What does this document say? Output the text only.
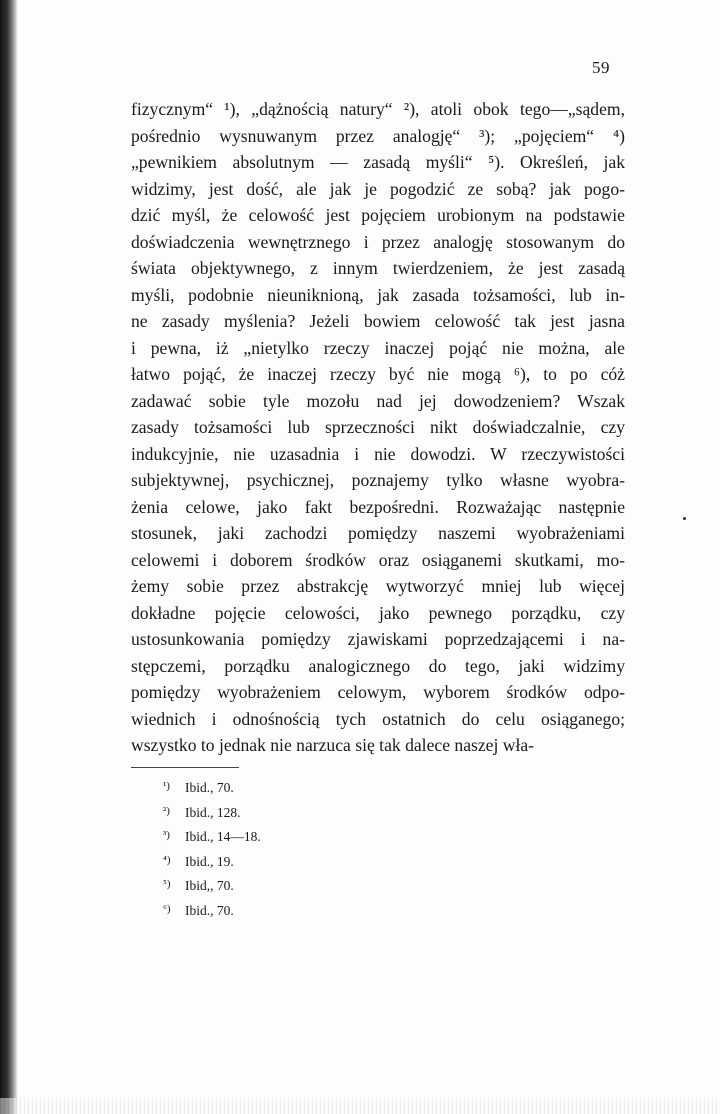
59
fizycznym“ ¹), „dążnością natury“ ²), atoli obok tego—„sądem,
pośrednio wysnuwanym przez analogję“ ³); „pojęciem“ ⁴)
„pewnikiem absolutnym — zasadą myśli“ ⁵). Określeń, jak
widzimy, jest dość, ale jak je pogodzić ze sobą? jak pogo-
dzić myśl, że celowość jest pojęciem urobionym na podstawie
doświadczenia wewnętrznego i przez analogję stosowanym do
świata objektywnego, z innym twierdzeniem, że jest zasadą
myśli, podobnie nieuniknioną, jak zasada tożsamości, lub in-
ne zasady myślenia? Jeżeli bowiem celowość tak jest jasna
i pewna, iż „nietylko rzeczy inaczej pojąć nie można, ale
łatwo pojąć, że inaczej rzeczy być nie mogą ⁶), to po cóż
zadawać sobie tyle mozołu nad jej dowodzeniem? Wszak
zasady tożsamości lub sprzeczności nikt doświadczalnie, czy
indukcyjnie, nie uzasadnia i nie dowodzi. W rzeczywistości
subjektywnej, psychicznej, poznajemy tylko własne wyobra-
żenia celowe, jako fakt bezpośredni. Rozważając następnie
stosunek, jaki zachodzi pomiędzy naszemi wyobrażeniami
celowemi i doborem środków oraz osiąganemi skutkami, mo-
żemy sobie przez abstrakcję wytworzyć mniej lub więcej
dokładne pojęcie celowości, jako pewnego porządku, czy
ustosunkowania pomiędzy zjawiskami poprzedzającemi i na-
stępczemi, porządku analogicznego do tego, jaki widzimy
pomiędzy wyobrażeniem celowym, wyborem środków odpo-
wiednich i odnośnością tych ostatnich do celu osiąganego;
wszystko to jednak nie narzuca się tak dalece naszej wła-
¹) Ibid., 70.
²) Ibid., 128.
³) Ibid., 14—18.
⁴) Ibid., 19.
⁵) Ibid,, 70.
⁶) Ibid., 70.
